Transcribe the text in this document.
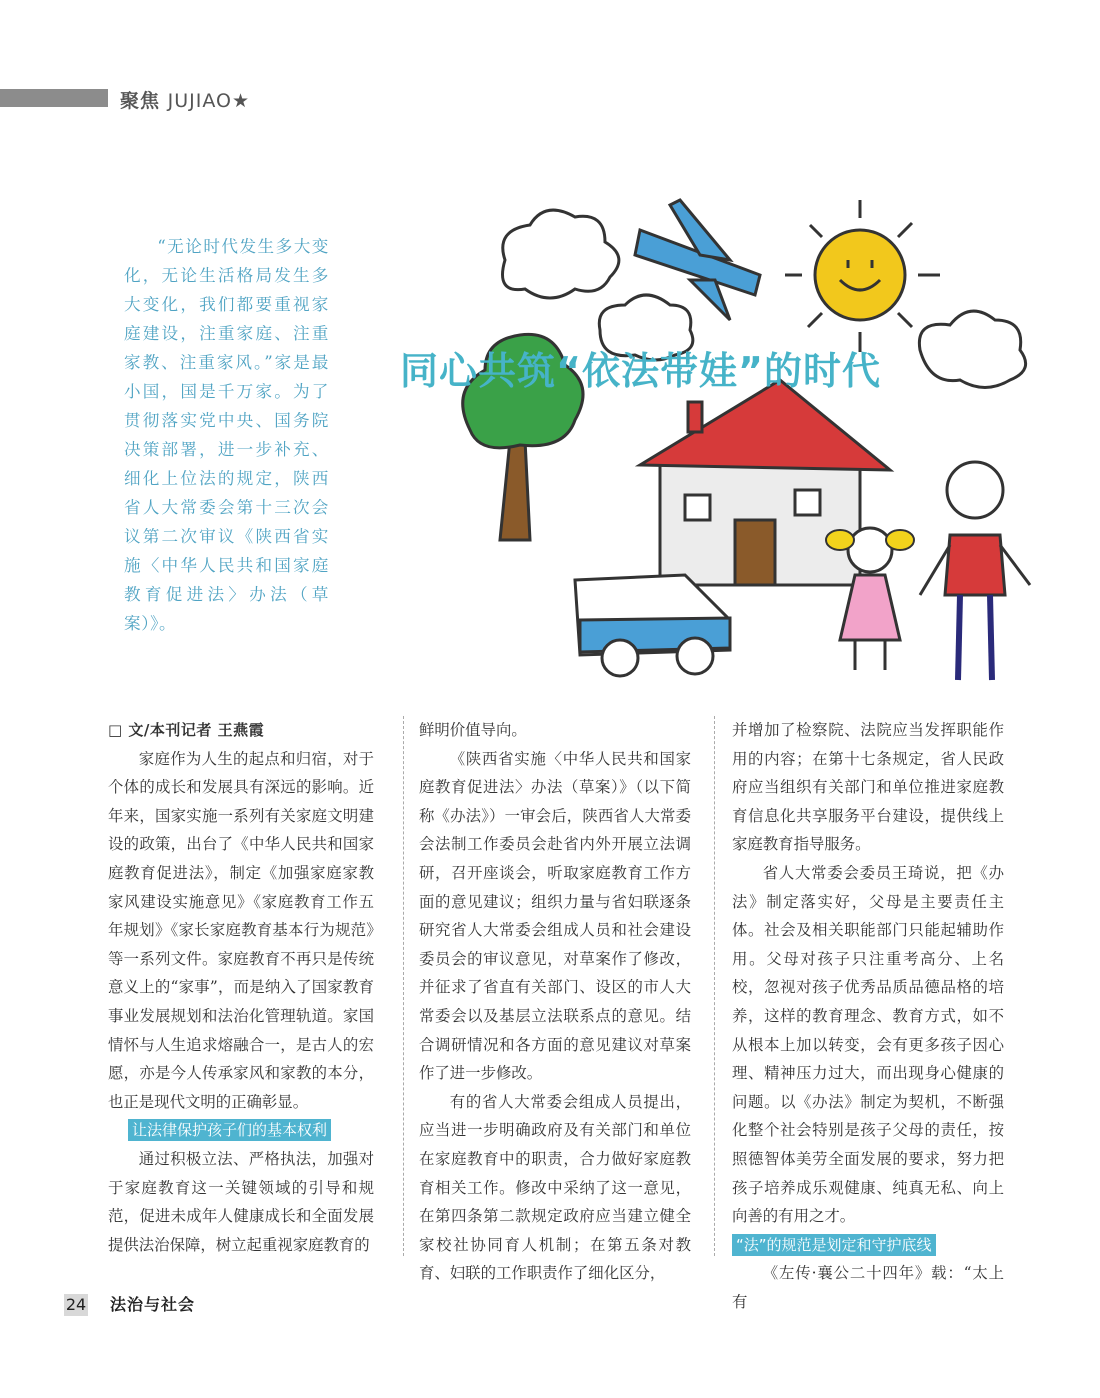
聚焦 JUJIAO★

“无论时代发生多大变化，无论生活格局发生多大变化，我们都要重视家庭建设，注重家庭、注重家教、注重家风。”家是最小国，国是千万家。为了贯彻落实党中央、国务院决策部署，进一步补充、细化上位法的规定，陕西省人大常委会第十三次会议第二次审议《陕西省实施〈中华人民共和国家庭教育促进法〉办法（草案）》。

同心共筑“依法带娃”的时代

□ 文/本刊记者 王燕霞

家庭作为人生的起点和归宿，对于个体的成长和发展具有深远的影响。近年来，国家实施一系列有关家庭文明建设的政策，出台了《中华人民共和国家庭教育促进法》，制定《加强家庭家教家风建设实施意见》《家庭教育工作五年规划》《家长家庭教育基本行为规范》等一系列文件。家庭教育不再只是传统意义上的“家事”，而是纳入了国家教育事业发展规划和法治化管理轨道。家国情怀与人生追求熔融合一，是古人的宏愿，亦是今人传承家风和家教的本分，也正是现代文明的正确彰显。

让法律保护孩子们的基本权利

通过积极立法、严格执法，加强对于家庭教育这一关键领域的引导和规范，促进未成年人健康成长和全面发展提供法治保障，树立起重视家庭教育的

鲜明价值导向。

《陕西省实施〈中华人民共和国家庭教育促进法〉办法（草案）》（以下简称《办法》）一审会后，陕西省人大常委会法制工作委员会赴省内外开展立法调研，召开座谈会，听取家庭教育工作方面的意见建议；组织力量与省妇联逐条研究省人大常委会组成人员和社会建设委员会的审议意见，对草案作了修改，并征求了省直有关部门、设区的市人大常委会以及基层立法联系点的意见。结合调研情况和各方面的意见建议对草案作了进一步修改。

有的省人大常委会组成人员提出，应当进一步明确政府及有关部门和单位在家庭教育中的职责，合力做好家庭教育相关工作。修改中采纳了这一意见，在第四条第二款规定政府应当建立健全家校社协同育人机制；在第五条对教育、妇联的工作职责作了细化区分，

并增加了检察院、法院应当发挥职能作用的内容；在第十七条规定，省人民政府应当组织有关部门和单位推进家庭教育信息化共享服务平台建设，提供线上家庭教育指导服务。

省人大常委会委员王琦说，把《办法》制定落实好，父母是主要责任主体。社会及相关职能部门只能起辅助作用。父母对孩子只注重考高分、上名校，忽视对孩子优秀品质品德品格的培养，这样的教育理念、教育方式，如不从根本上加以转变，会有更多孩子因心理、精神压力过大，而出现身心健康的问题。以《办法》制定为契机，不断强化整个社会特别是孩子父母的责任，按照德智体美劳全面发展的要求，努力把孩子培养成乐观健康、纯真无私、向上向善的有用之才。

“法”的规范是划定和守护底线

《左传·襄公二十四年》载：“太上有

24 法治与社会
